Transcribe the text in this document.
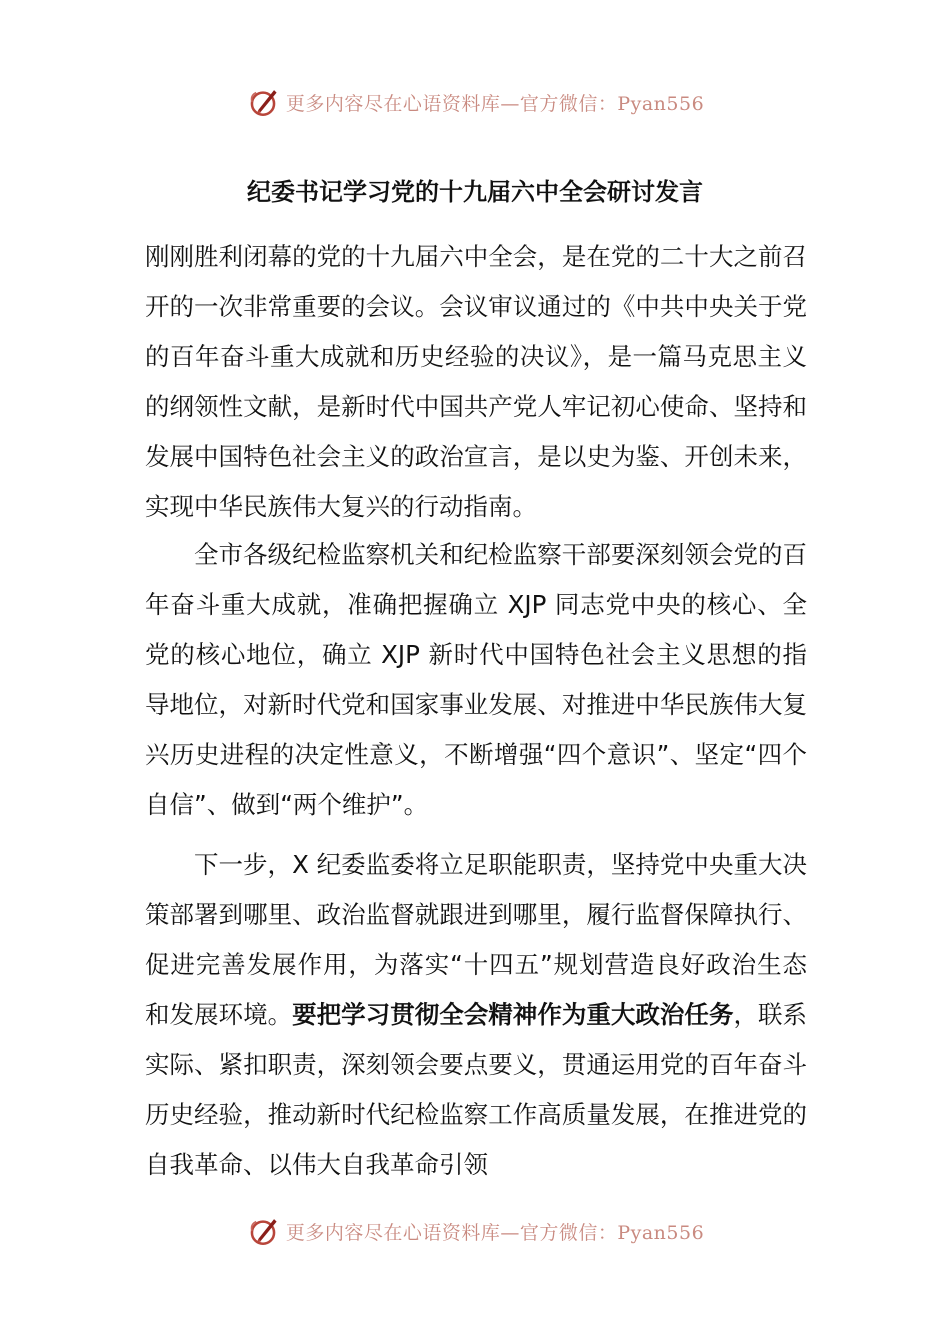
更多内容尽在心语资料库—官方微信：Pyan556
纪委书记学习党的十九届六中全会研讨发言

刚刚胜利闭幕的党的十九届六中全会，是在党的二十大之前召开的一次非常重要的会议。会议审议通过的《中共中央关于党的百年奋斗重大成就和历史经验的决议》，是一篇马克思主义的纲领性文献，是新时代中国共产党人牢记初心使命、坚持和发展中国特色社会主义的政治宣言，是以史为鉴、开创未来，实现中华民族伟大复兴的行动指南。

全市各级纪检监察机关和纪检监察干部要深刻领会党的百年奋斗重大成就，准确把握确立 XJP 同志党中央的核心、全党的核心地位，确立 XJP 新时代中国特色社会主义思想的指导地位，对新时代党和国家事业发展、对推进中华民族伟大复兴历史进程的决定性意义，不断增强“四个意识”、坚定“四个自信”、做到“两个维护”。

下一步，X 纪委监委将立足职能职责，坚持党中央重大决策部署到哪里、政治监督就跟进到哪里，履行监督保障执行、促进完善发展作用，为落实“十四五”规划营造良好政治生态和发展环境。要把学习贯彻全会精神作为重大政治任务，联系实际、紧扣职责，深刻领会要点要义，贯通运用党的百年奋斗历史经验，推动新时代纪检监察工作高质量发展，在推进党的自我革命、以伟大自我革命引领

更多内容尽在心语资料库—官方微信：Pyan556
